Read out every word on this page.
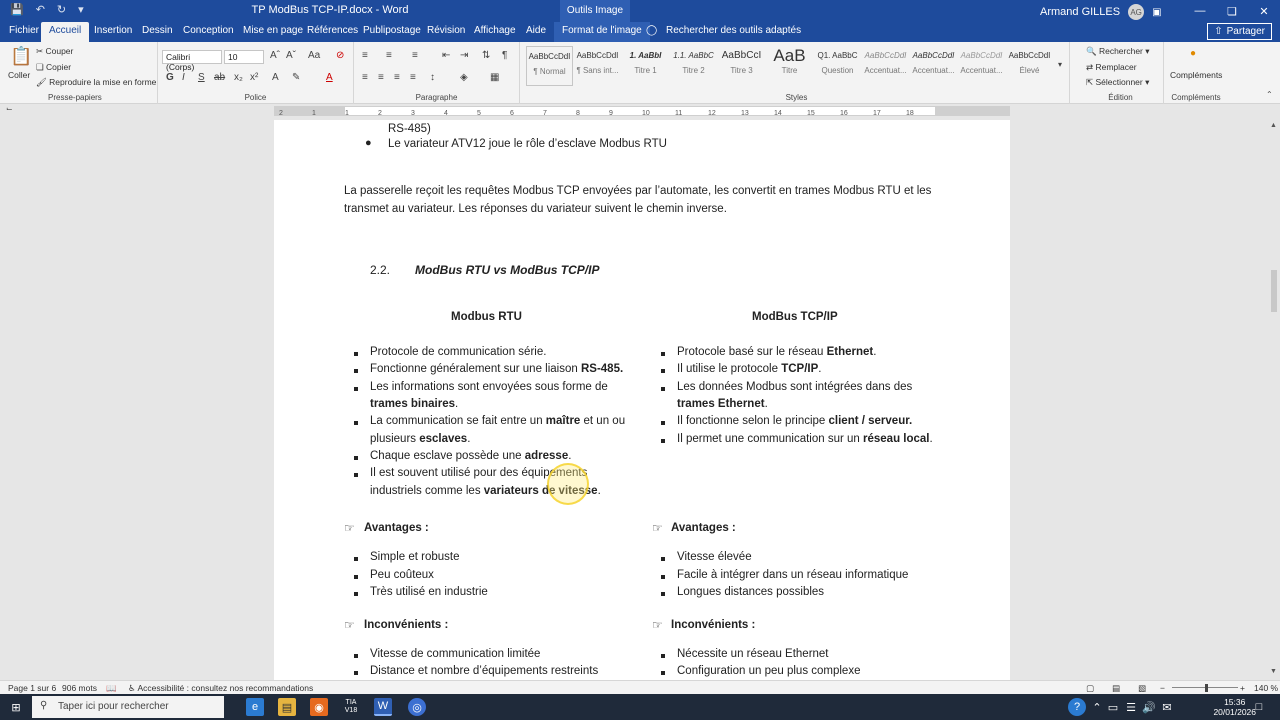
💾 ↶ ↻ ▾	TP ModBus TCP-IP.docx - Word	Outils Image	Armand GILLES AG ▣	—	❏	✕
Fichier Accueil	Insertion Dessin Conception Mise en page Références Publipostage Révision Affichage Aide	Format de l'image ◯ Rechercher des outils adaptés	⇧ Partager
📋
Coller
✂ Couper
❏ Copier
🖌 Reproduire la mise en forme
Presse-papiers
Calibri (Corps)
10	Aˆ Aˇ Aa ⊘
G I S ab x₂ x² A ✎	A
Police
≡ ≡ ≡ ⇤ ⇥ ⇅ ¶
≡ ≡ ≡ ≡ ↕	◈ ▦
Paragraphe
AaBbCcDdI
¶ Normal
AaBbCcDdI
¶ Sans int...
1. AaBbI
Titre 1
1.1. AaBbC
Titre 2
AaBbCcI
Titre 3
AaB
Titre
Q1. AaBbC
Question
AaBbCcDdI
Accentuat...
AaBbCcDdI
Accentuat...
AaBbCcDdI
Accentuat...
AaBbCcDdI
Élevé
▾
Styles
🔍 Rechercher ▾
⇄ Remplacer
⇱ Sélectionner ▾
Édition
●
Compléments
Compléments	⌃
⌙
2	1	1	2	3	4	5	6	7	8	9	10	11	12	13	14	15	16	17	18
RS-485)
● Le variateur ATV12 joue le rôle d’esclave Modbus RTU
La passerelle reçoit les requêtes Modbus TCP envoyées par l’automate, les convertit en trames Modbus RTU et les
transmet au variateur. Les réponses du variateur suivent le chemin inverse.
2.2. ModBus RTU vs ModBus TCP/IP
Modbus RTU
Protocole de communication série.
Fonctionne généralement sur une liaison RS-485.
Les informations sont envoyées sous forme de
trames binaires.
La communication se fait entre un maître et un ou
plusieurs esclaves.
Chaque esclave possède une adresse.
Il est souvent utilisé pour des équipements
industriels comme les variateurs de vitesse.
☞ Avantages :
Simple et robuste
Peu coûteux
Très utilisé en industrie
☞ Inconvénients :
Vitesse de communication limitée
Distance et nombre d’équipements restreints
ModBus TCP/IP
Protocole basé sur le réseau Ethernet.
Il utilise le protocole TCP/IP.
Les données Modbus sont intégrées dans des
trames Ethernet.
Il fonctionne selon le principe client / serveur.
Il permet une communication sur un réseau local.
☞ Avantages :
Vitesse élevée
Facile à intégrer dans un réseau informatique
Longues distances possibles
☞ Inconvénients :
Nécessite un réseau Ethernet
Configuration un peu plus complexe
▲
▼
Page 1 sur 6 906 mots 📖 ♿ Accessibilité : consultez nos recommandations	▢ ▤ ▧ −	+ 140 %
⊞	⚲ Taper ici pour rechercher	e	▤	◉	TIA V18	W	◎	?	⌃ ▭ ☰ 🔊 ✉	15:36
20/01/2026 □
